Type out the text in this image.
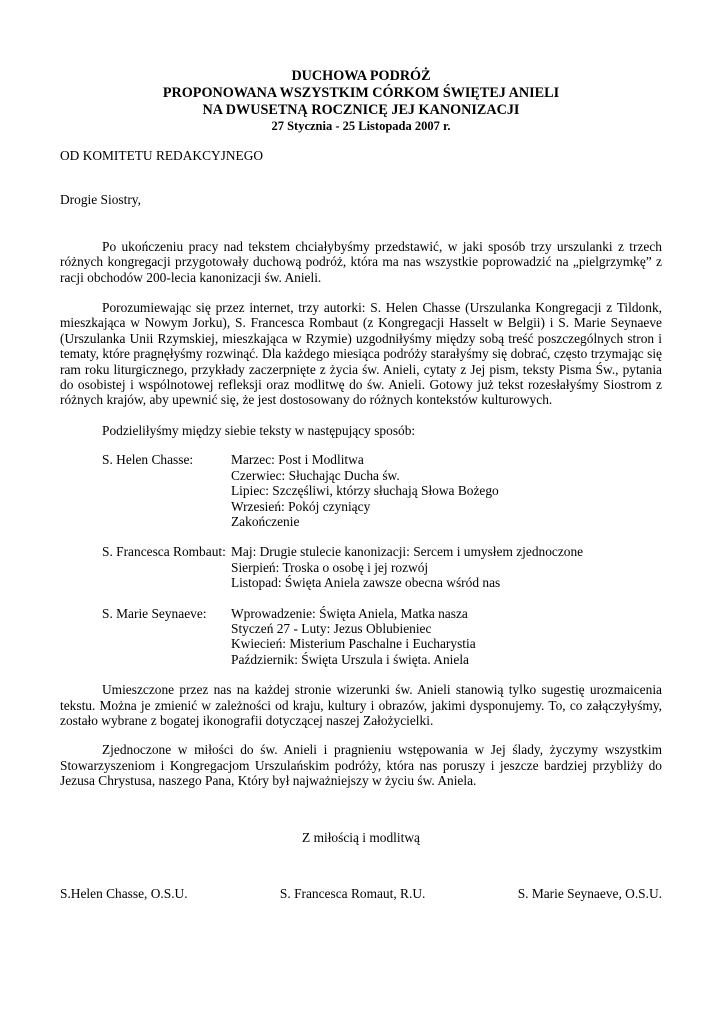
DUCHOWA PODRÓŻ
PROPONOWANA WSZYSTKIM CÓRKOM ŚWIĘTEJ ANIELI
NA DWUSETNĄ ROCZNICĘ JEJ KANONIZACJI
27 Stycznia - 25 Listopada 2007 r.
OD KOMITETU REDAKCYJNEGO
Drogie Siostry,

Po ukończeniu pracy nad tekstem chciałybyśmy przedstawić, w jaki sposób trzy urszulanki z trzech różnych kongregacji przygotowały duchową podróż, która ma nas wszystkie poprowadzić na „pielgrzymkę” z racji obchodów 200-lecia kanonizacji św. Anieli.

Porozumiewając się przez internet, trzy autorki: S. Helen Chasse (Urszulanka Kongregacji z Tildonk, mieszkająca w Nowym Jorku), S. Francesca Rombaut (z Kongregacji Hasselt w Belgii) i S. Marie Seynaeve (Urszulanka Unii Rzymskiej, mieszkająca w Rzymie) uzgodniłyśmy między sobą treść poszczególnych stron i tematy, które pragnęłyśmy rozwinąć. Dla każdego miesiąca podróży starałyśmy się dobrać, często trzymając się ram roku liturgicznego, przykłady zaczerpnięte z życia św. Anieli, cytaty z Jej pism, teksty Pisma Św., pytania do osobistej i wspólnotowej refleksji oraz modlitwę do św. Anieli. Gotowy już tekst rozesłałyśmy Siostrom z różnych krajów, aby upewnić się, że jest dostosowany do różnych kontekstów kulturowych.

Podzieliłyśmy między siebie teksty w następujący sposób:

S. Helen Chasse:	Marzec: Post i Modlitwa
Czerwiec: Słuchając Ducha św.
Lipiec: Szczęśliwi, którzy słuchają Słowa Bożego
Wrzesień: Pokój czyniący
Zakończenie
S. Francesca Rombaut: Maj: Drugie stulecie kanonizacji: Sercem i umysłem zjednoczone
Sierpień: Troska o osobę i jej rozwój
Listopad: Święta Aniela zawsze obecna wśród nas
S. Marie Seynaeve:	Wprowadzenie: Święta Aniela, Matka nasza
Styczeń 27 - Luty: Jezus Oblubieniec
Kwiecień: Misterium Paschalne i Eucharystia
Październik: Święta Urszula i święta. Aniela

Umieszczone przez nas na każdej stronie wizerunki św. Anieli stanowią tylko sugestię urozmaicenia tekstu. Można je zmienić w zależności od kraju, kultury i obrazów, jakimi dysponujemy. To, co załączyłyśmy, zostało wybrane z bogatej ikonografii dotyczącej naszej Założycielki.

Zjednoczone w miłości do św. Anieli i pragnieniu wstępowania w Jej ślady, życzymy wszystkim Stowarzyszeniom i Kongregacjom Urszulańskim podróży, która nas poruszy i jeszcze bardziej przybliży do Jezusa Chrystusa, naszego Pana, Który był najważniejszy w życiu św. Aniela.

Z miłością i modlitwą
S.Helen Chasse, O.S.U.	S. Francesca Romaut, R.U.	S. Marie Seynaeve, O.S.U.
